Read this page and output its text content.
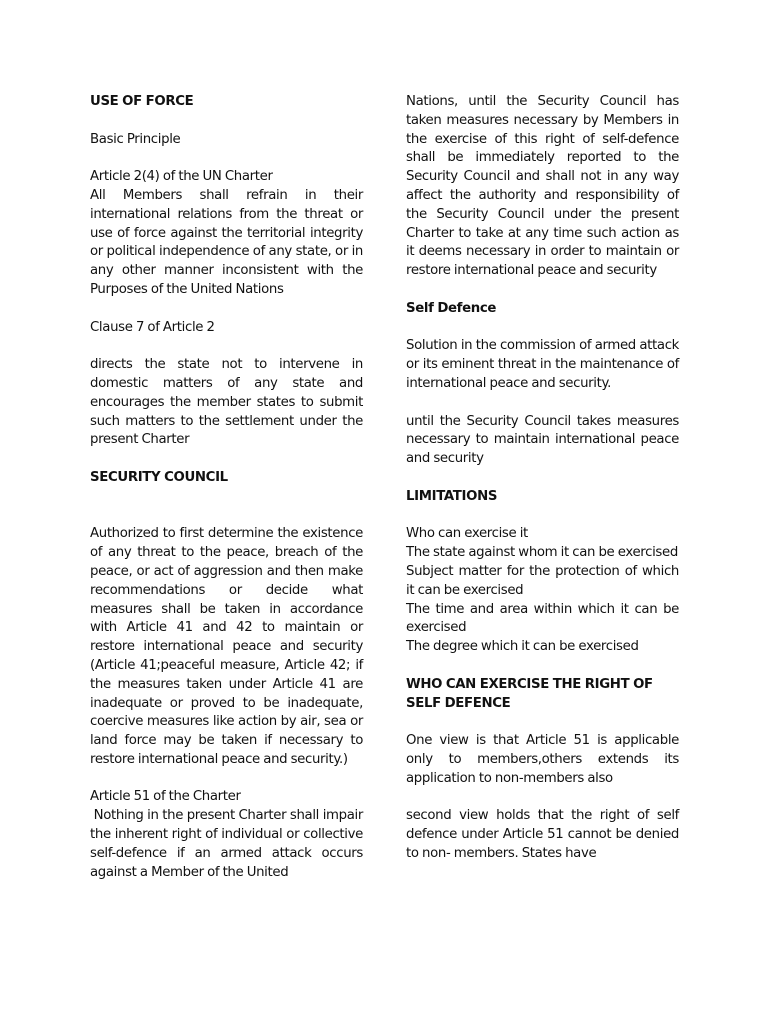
USE OF FORCE

Basic Principle

Article 2(4) of the UN Charter

All Members shall refrain in their international relations from the threat or use of force against the territorial integrity or political independence of any state, or in any other manner inconsistent with the Purposes of the United Nations

Clause 7 of Article 2

directs the state not to intervene in domestic matters of any state and encourages the member states to submit such matters to the settlement under the present Charter

SECURITY COUNCIL

Authorized to first determine the existence of any threat to the peace, breach of the peace, or act of aggression and then make recommendations or decide what measures shall be taken in accordance with Article 41 and 42 to maintain or restore international peace and security (Article 41;peaceful measure, Article 42; if the measures taken under Article 41 are inadequate or proved to be inadequate, coercive measures like action by air, sea or land force may be taken if necessary to restore international peace and security.)

Article 51 of the Charter

Nothing in the present Charter shall impair the inherent right of individual or collective self-defence if an armed attack occurs against a Member of the United

Nations, until the Security Council has taken measures necessary by Members in the exercise of this right of self-defence shall be immediately reported to the Security Council and shall not in any way affect the authority and responsibility of the Security Council under the present Charter to take at any time such action as it deems necessary in order to maintain or restore international peace and security

Self Defence

Solution in the commission of armed attack or its eminent threat in the maintenance of international peace and security.

until the Security Council takes measures necessary to maintain international peace and security

LIMITATIONS

Who can exercise it

The state against whom it can be exercised

Subject matter for the protection of which it can be exercised

The time and area within which it can be exercised

The degree which it can be exercised

WHO CAN EXERCISE THE RIGHT OF SELF DEFENCE

One view is that Article 51 is applicable only to members,others extends its application to non-members also

second view holds that the right of self defence under Article 51 cannot be denied to non- members. States have
